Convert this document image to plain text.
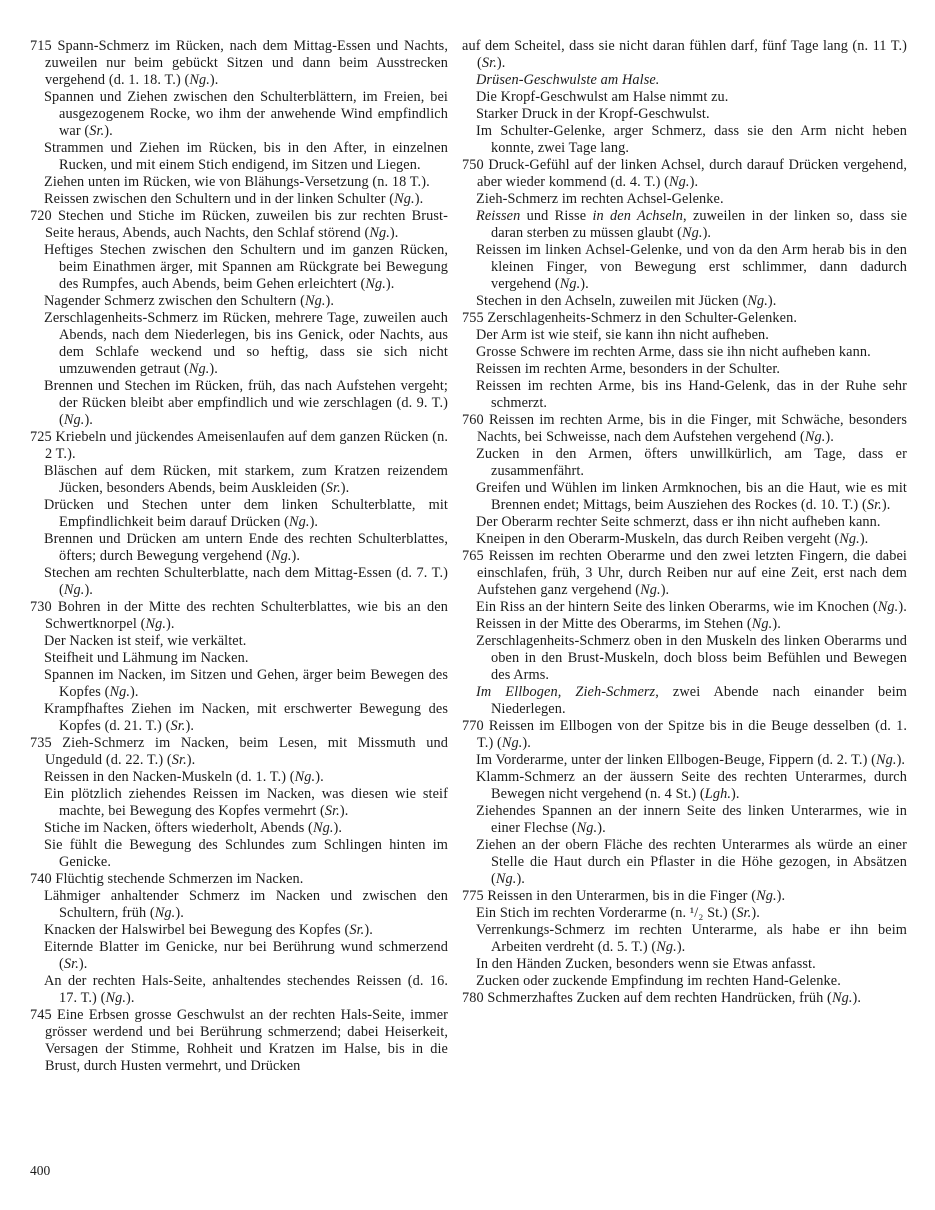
715 Spann-Schmerz im Rücken, nach dem Mittag-Essen und Nachts, zuweilen nur beim gebückt Sitzen und dann beim Ausstrecken vergehend (d. 1. 18. T.) (Ng.).

Spannen und Ziehen zwischen den Schulterblättern, im Freien, bei ausgezogenem Rocke, wo ihm der anwehende Wind empfindlich war (Sr.).

Strammen und Ziehen im Rücken, bis in den After, in einzelnen Rucken, und mit einem Stich endigend, im Sitzen und Liegen.

Ziehen unten im Rücken, wie von Blähungs-Versetzung (n. 18 T.).

Reissen zwischen den Schultern und in der linken Schulter (Ng.).

720 Stechen und Stiche im Rücken, zuweilen bis zur rechten Brust-Seite heraus, Abends, auch Nachts, den Schlaf störend (Ng.).

Heftiges Stechen zwischen den Schultern und im ganzen Rücken, beim Einathmen ärger, mit Spannen am Rückgrate bei Bewegung des Rumpfes, auch Abends, beim Gehen erleichtert (Ng.).

Nagender Schmerz zwischen den Schultern (Ng.).

Zerschlagenheits-Schmerz im Rücken, mehrere Tage, zuweilen auch Abends, nach dem Niederlegen, bis ins Genick, oder Nachts, aus dem Schlafe weckend und so heftig, dass sie sich nicht umzuwenden getraut (Ng.).

Brennen und Stechen im Rücken, früh, das nach Aufstehen vergeht; der Rücken bleibt aber empfindlich und wie zerschlagen (d. 9. T.) (Ng.).

725 Kriebeln und jückendes Ameisenlaufen auf dem ganzen Rücken (n. 2 T.).

Bläschen auf dem Rücken, mit starkem, zum Kratzen reizendem Jücken, besonders Abends, beim Auskleiden (Sr.).

Drücken und Stechen unter dem linken Schulterblatte, mit Empfindlichkeit beim darauf Drücken (Ng.).

Brennen und Drücken am untern Ende des rechten Schulterblattes, öfters; durch Bewegung vergehend (Ng.).

Stechen am rechten Schulterblatte, nach dem Mittag-Essen (d. 7. T.) (Ng.).

730 Bohren in der Mitte des rechten Schulterblattes, wie bis an den Schwertknorpel (Ng.).

Der Nacken ist steif, wie verkältet.

Steifheit und Lähmung im Nacken.

Spannen im Nacken, im Sitzen und Gehen, ärger beim Bewegen des Kopfes (Ng.).

Krampfhaftes Ziehen im Nacken, mit erschwerter Bewegung des Kopfes (d. 21. T.) (Sr.).

735 Zieh-Schmerz im Nacken, beim Lesen, mit Missmuth und Ungeduld (d. 22. T.) (Sr.).

Reissen in den Nacken-Muskeln (d. 1. T.) (Ng.).

Ein plötzlich ziehendes Reissen im Nacken, was diesen wie steif machte, bei Bewegung des Kopfes vermehrt (Sr.).

Stiche im Nacken, öfters wiederholt, Abends (Ng.).

Sie fühlt die Bewegung des Schlundes zum Schlingen hinten im Genicke.

740 Flüchtig stechende Schmerzen im Nacken.

Lähmiger anhaltender Schmerz im Nacken und zwischen den Schultern, früh (Ng.).

Knacken der Halswirbel bei Bewegung des Kopfes (Sr.).

Eiternde Blatter im Genicke, nur bei Berührung wund schmerzend (Sr.).

An der rechten Hals-Seite, anhaltendes stechendes Reissen (d. 16. 17. T.) (Ng.).

745 Eine Erbsen grosse Geschwulst an der rechten Hals-Seite, immer grösser werdend und bei Berührung schmerzend; dabei Heiserkeit, Versagen der Stimme, Rohheit und Kratzen im Halse, bis in die Brust, durch Husten vermehrt, und Drücken

auf dem Scheitel, dass sie nicht daran fühlen darf, fünf Tage lang (n. 11 T.) (Sr.).

Drüsen-Geschwulste am Halse.

Die Kropf-Geschwulst am Halse nimmt zu.

Starker Druck in der Kropf-Geschwulst.

Im Schulter-Gelenke, arger Schmerz, dass sie den Arm nicht heben konnte, zwei Tage lang.

750 Druck-Gefühl auf der linken Achsel, durch darauf Drücken vergehend, aber wieder kommend (d. 4. T.) (Ng.).

Zieh-Schmerz im rechten Achsel-Gelenke.

Reissen und Risse in den Achseln, zuweilen in der linken so, dass sie daran sterben zu müssen glaubt (Ng.).

Reissen im linken Achsel-Gelenke, und von da den Arm herab bis in den kleinen Finger, von Bewegung erst schlimmer, dann dadurch vergehend (Ng.).

Stechen in den Achseln, zuweilen mit Jücken (Ng.).

755 Zerschlagenheits-Schmerz in den Schulter-Gelenken.

Der Arm ist wie steif, sie kann ihn nicht aufheben.

Grosse Schwere im rechten Arme, dass sie ihn nicht aufheben kann.

Reissen im rechten Arme, besonders in der Schulter.

Reissen im rechten Arme, bis ins Hand-Gelenk, das in der Ruhe sehr schmerzt.

760 Reissen im rechten Arme, bis in die Finger, mit Schwäche, besonders Nachts, bei Schweisse, nach dem Aufstehen vergehend (Ng.).

Zucken in den Armen, öfters unwillkürlich, am Tage, dass er zusammenfährt.

Greifen und Wühlen im linken Armknochen, bis an die Haut, wie es mit Brennen endet; Mittags, beim Ausziehen des Rockes (d. 10. T.) (Sr.).

Der Oberarm rechter Seite schmerzt, dass er ihn nicht aufheben kann.

Kneipen in den Oberarm-Muskeln, das durch Reiben vergeht (Ng.).

765 Reissen im rechten Oberarme und den zwei letzten Fingern, die dabei einschlafen, früh, 3 Uhr, durch Reiben nur auf eine Zeit, erst nach dem Aufstehen ganz vergehend (Ng.).

Ein Riss an der hintern Seite des linken Oberarms, wie im Knochen (Ng.).

Reissen in der Mitte des Oberarms, im Stehen (Ng.).

Zerschlagenheits-Schmerz oben in den Muskeln des linken Oberarms und oben in den Brust-Muskeln, doch bloss beim Befühlen und Bewegen des Arms.

Im Ellbogen, Zieh-Schmerz, zwei Abende nach einander beim Niederlegen.

770 Reissen im Ellbogen von der Spitze bis in die Beuge desselben (d. 1. T.) (Ng.).

Im Vorderarme, unter der linken Ellbogen-Beuge, Fippern (d. 2. T.) (Ng.).

Klamm-Schmerz an der äussern Seite des rechten Unterarmes, durch Bewegen nicht vergehend (n. 4 St.) (Lgh.).

Ziehendes Spannen an der innern Seite des linken Unterarmes, wie in einer Flechse (Ng.).

Ziehen an der obern Fläche des rechten Unterarmes als würde an einer Stelle die Haut durch ein Pflaster in die Höhe gezogen, in Absätzen (Ng.).

775 Reissen in den Unterarmen, bis in die Finger (Ng.).

Ein Stich im rechten Vorderarme (n. ¹/₂ St.) (Sr.).

Verrenkungs-Schmerz im rechten Unterarme, als habe er ihn beim Arbeiten verdreht (d. 5. T.) (Ng.).

In den Händen Zucken, besonders wenn sie Etwas anfasst.

Zucken oder zuckende Empfindung im rechten Hand-Gelenke.

780 Schmerzhaftes Zucken auf dem rechten Handrücken, früh (Ng.).

400
